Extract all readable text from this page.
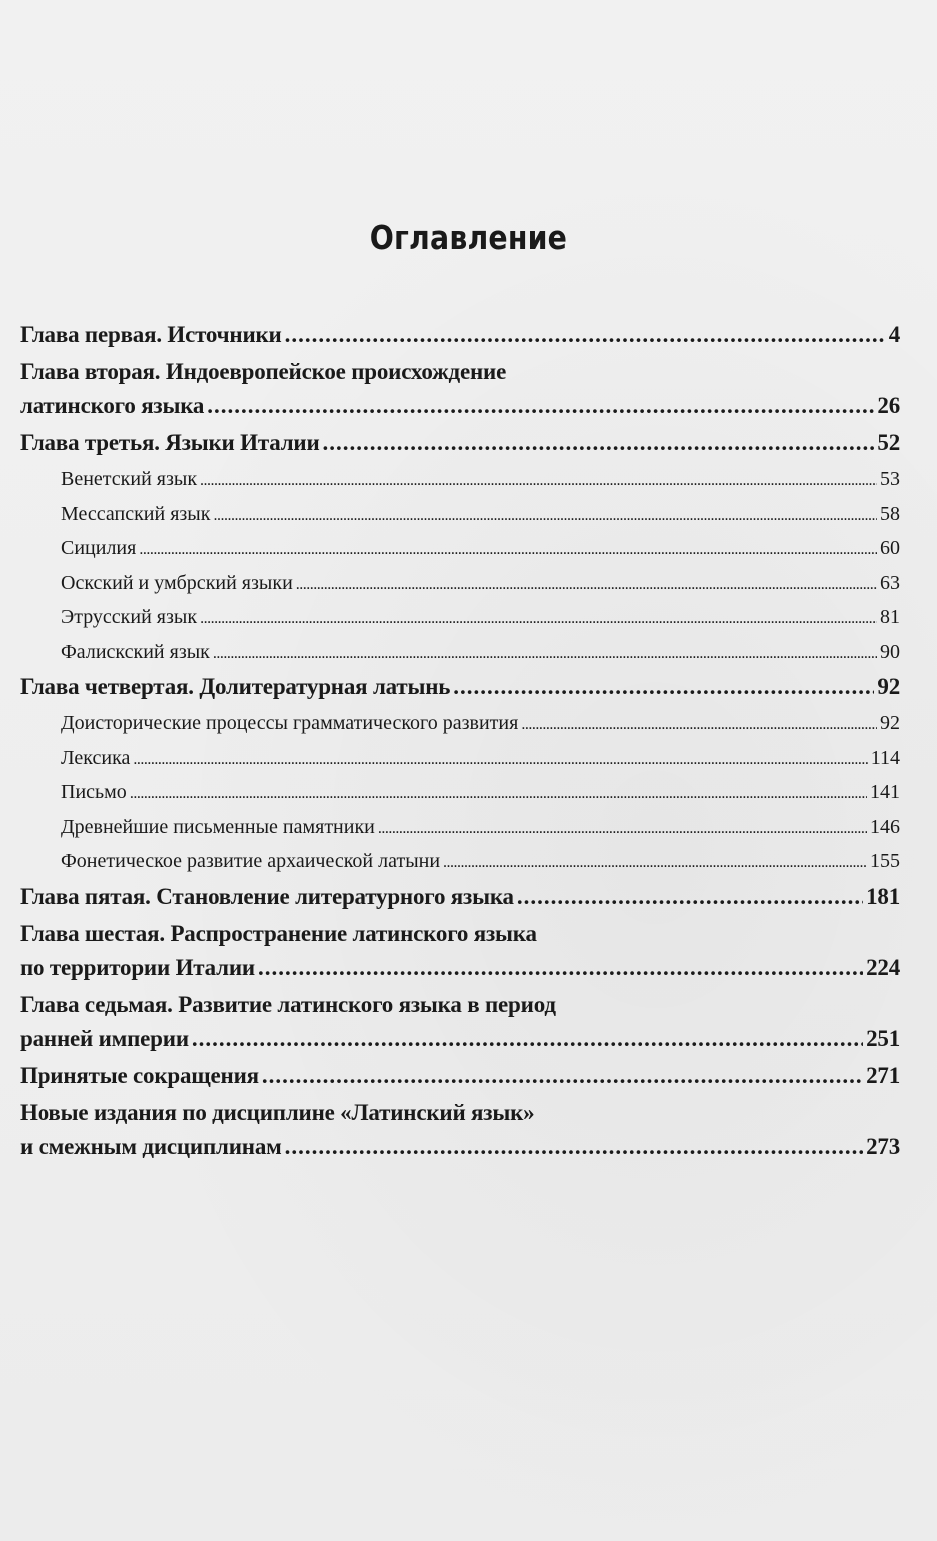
Оглавление
Глава первая. Источники .....	4
Глава вторая. Индоевропейское происхождение
латинского языка .....	26
Глава третья. Языки Италии .....	52
Венетский язык .....	53
Мессапский язык .....	58
Сицилия .....	60
Оскский и умбрский языки .....	63
Этрусский язык .....	81
Фалискский язык .....	90
Глава четвертая. Долитературная латынь .....	92
Доисторические процессы грамматического развития .....	92
Лексика .....	114
Письмо .....	141
Древнейшие письменные памятники .....	146
Фонетическое развитие архаической латыни .....	155
Глава пятая. Становление литературного языка .....	181
Глава шестая. Распространение латинского языка
по территории Италии .....	224
Глава седьмая. Развитие латинского языка в период
ранней империи .....	251
Принятые сокращения .....	271
Новые издания по дисциплине «Латинский язык»
и смежным дисциплинам .....	273
